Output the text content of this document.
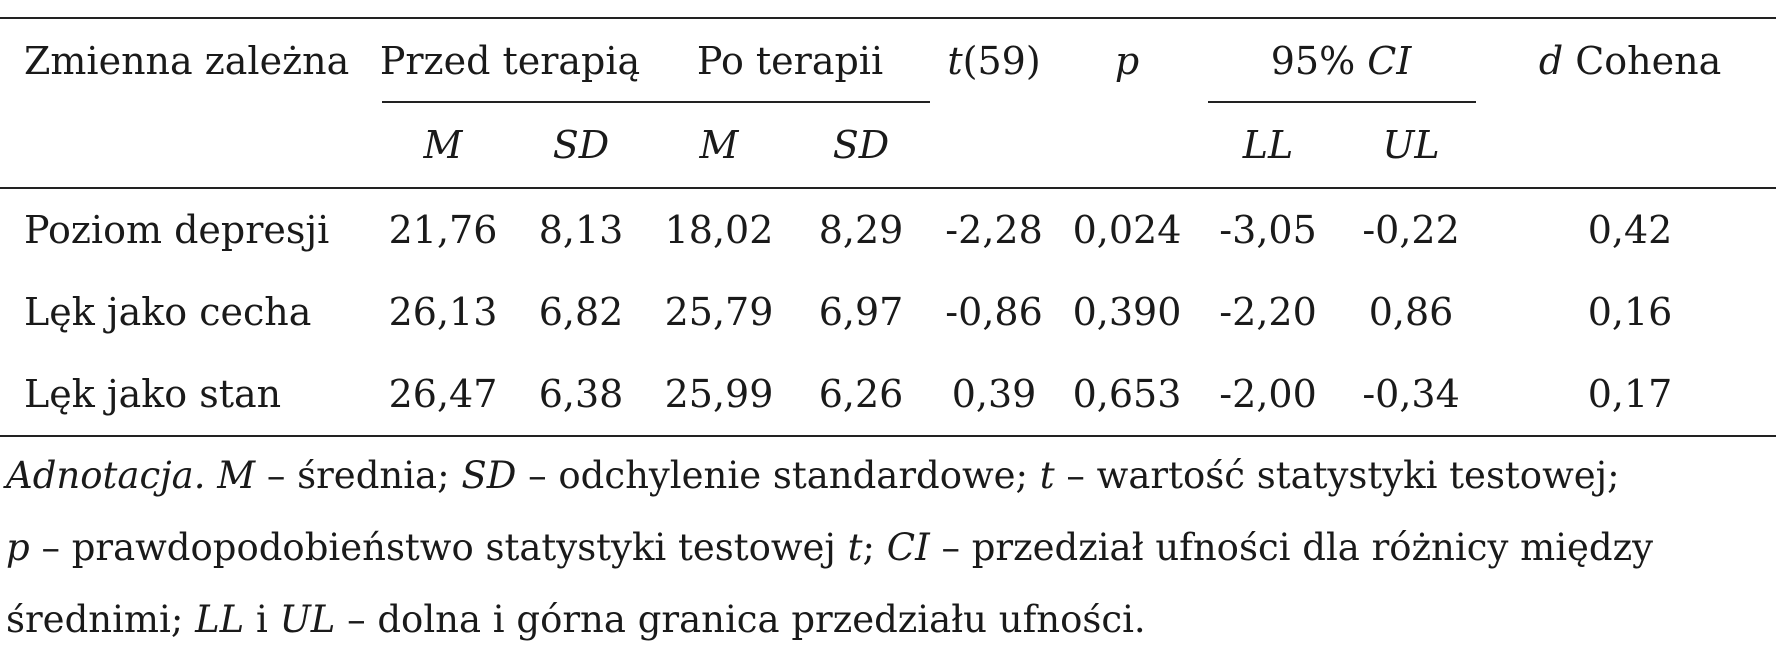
Zmienna zależna	Przed terapią		Po terapii		t(59)	p	95% CI		d Cohena
	M	SD	M	SD			LL	UL	
Poziom depresji	21,76	8,13	18,02	8,29	-2,28	0,024	-3,05	-0,22	0,42
Lęk jako cecha	26,13	6,82	25,79	6,97	-0,86	0,390	-2,20	0,86	0,16
Lęk jako stan	26,47	6,38	25,99	6,26	0,39	0,653	-2,00	-0,34	0,17
Adnotacja. M – średnia; SD – odchylenie standardowe; t – wartość statystyki testowej;
p – prawdopodobieństwo statystyki testowej t; CI – przedział ufności dla różnicy między
średnimi; LL i UL – dolna i górna granica przedziału ufności.
